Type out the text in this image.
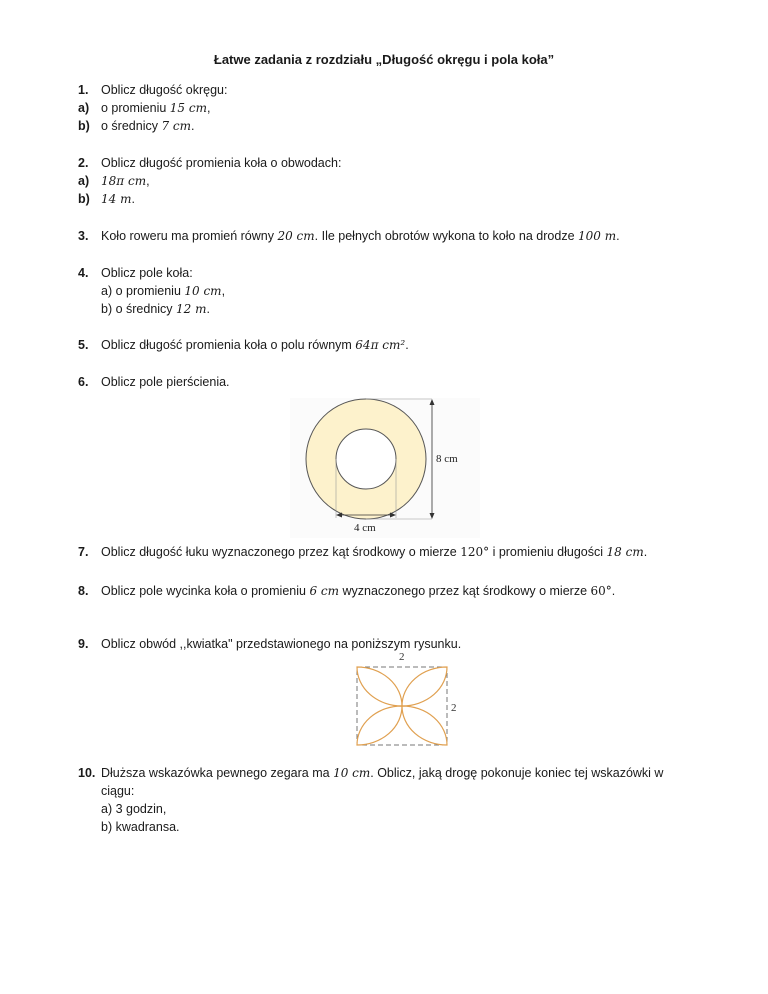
Łatwe zadania z rozdziału „Długość okręgu i pola koła”
1. Oblicz długość okręgu:
a) o promieniu 15 cm,
b) o średnicy 7 cm.
2. Oblicz długość promienia koła o obwodach:
a) 18π cm,
b) 14 m.
3. Koło roweru ma promień równy 20 cm. Ile pełnych obrotów wykona to koło na drodze 100 m.
4. Oblicz pole koła:
a) o promieniu 10 cm,
b) o średnicy 12 m.
5. Oblicz długość promienia koła o polu równym 64π cm².
6. Oblicz pole pierścienia.
8 cm
4 cm
7. Oblicz długość łuku wyznaczonego przez kąt środkowy o mierze 120° i promieniu długości 18 cm.
8. Oblicz pole wycinka koła o promieniu 6 cm wyznaczonego przez kąt środkowy o mierze 60°.
9. Oblicz obwód ,,kwiatka" przedstawionego na poniższym rysunku.
2
2
10. Dłuższa wskazówka pewnego zegara ma 10 cm. Oblicz, jaką drogę pokonuje koniec tej wskazówki w
ciągu:
a) 3 godzin,
b) kwadransa.
